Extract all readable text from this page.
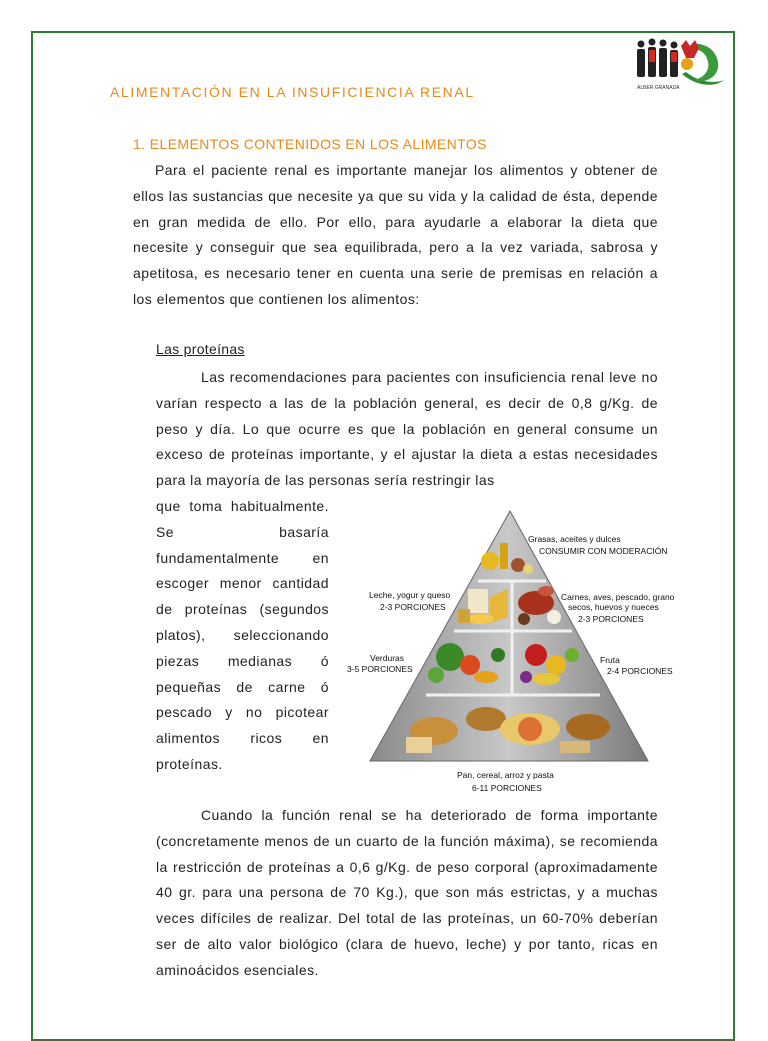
ALBER GRANADA
ALIMENTACIÓN EN LA INSUFICIENCIA RENAL
1. ELEMENTOS CONTENIDOS EN LOS ALIMENTOS

Para el paciente renal es importante manejar los alimentos y obtener de ellos las sustancias que necesite ya que su vida y la calidad de ésta, depende en gran medida de ello. Por ello, para ayudarle a elaborar la dieta que necesite y conseguir que sea equilibrada, pero a la vez variada, sabrosa y apetitosa, es necesario tener en cuenta una serie de premisas en relación a los elementos que contienen los alimentos:

Las proteínas

Las recomendaciones para pacientes con insuficiencia renal leve no varían respecto a las de la población general, es decir de 0,8 g/Kg. de peso y día. Lo que ocurre es que la población en general consume un exceso de proteínas importante, y el ajustar la dieta a estas necesidades para la mayoría de las personas sería restringir las

que toma habitualmente. Se basaría fundamentalmente en escoger menor cantidad de proteínas (segundos platos), seleccionando piezas medianas ó pequeñas de carne ó pescado y no picotear alimentos ricos en proteínas.

Grasas, aceites y dulces
CONSUMIR CON MODERACIÓN
Leche, yogur y queso
2-3 PORCIONES
Carnes, aves, pescado, grano
secos, huevos y nueces
2-3 PORCIONES
Verduras
3-5 PORCIONES
Fruta
2-4 PORCIONES
Pan, cereal, arroz y pasta
6-11 PORCIONES

Cuando la función renal se ha deteriorado de forma importante (concretamente menos de un cuarto de la función máxima), se recomienda la restricción de proteínas a 0,6 g/Kg. de peso corporal (aproximadamente 40 gr. para una persona de 70 Kg.), que son más estrictas, y a muchas veces difíciles de realizar. Del total de las proteínas, un 60-70% deberían ser de alto valor biológico (clara de huevo, leche) y por tanto, ricas en aminoácidos esenciales.
